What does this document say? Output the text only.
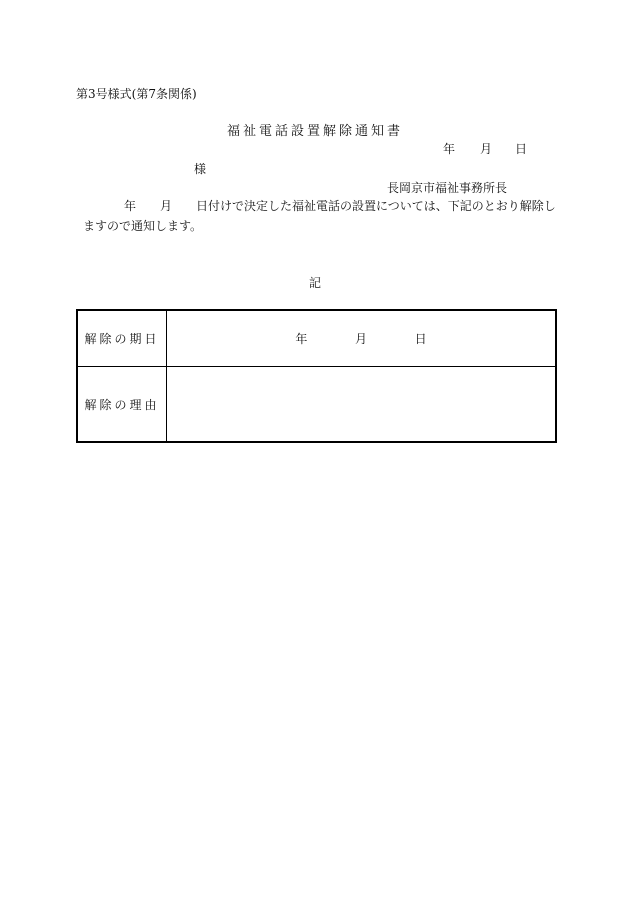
第3号様式(第7条関係)
福祉電話設置解除通知書
年 月 日
様
長岡京市福祉事務所長
年 月 日付けで決定した福祉電話の設置については、下記のとおり解除し
ますので通知します。
記
解除の期日	年 月 日
解除の理由	
